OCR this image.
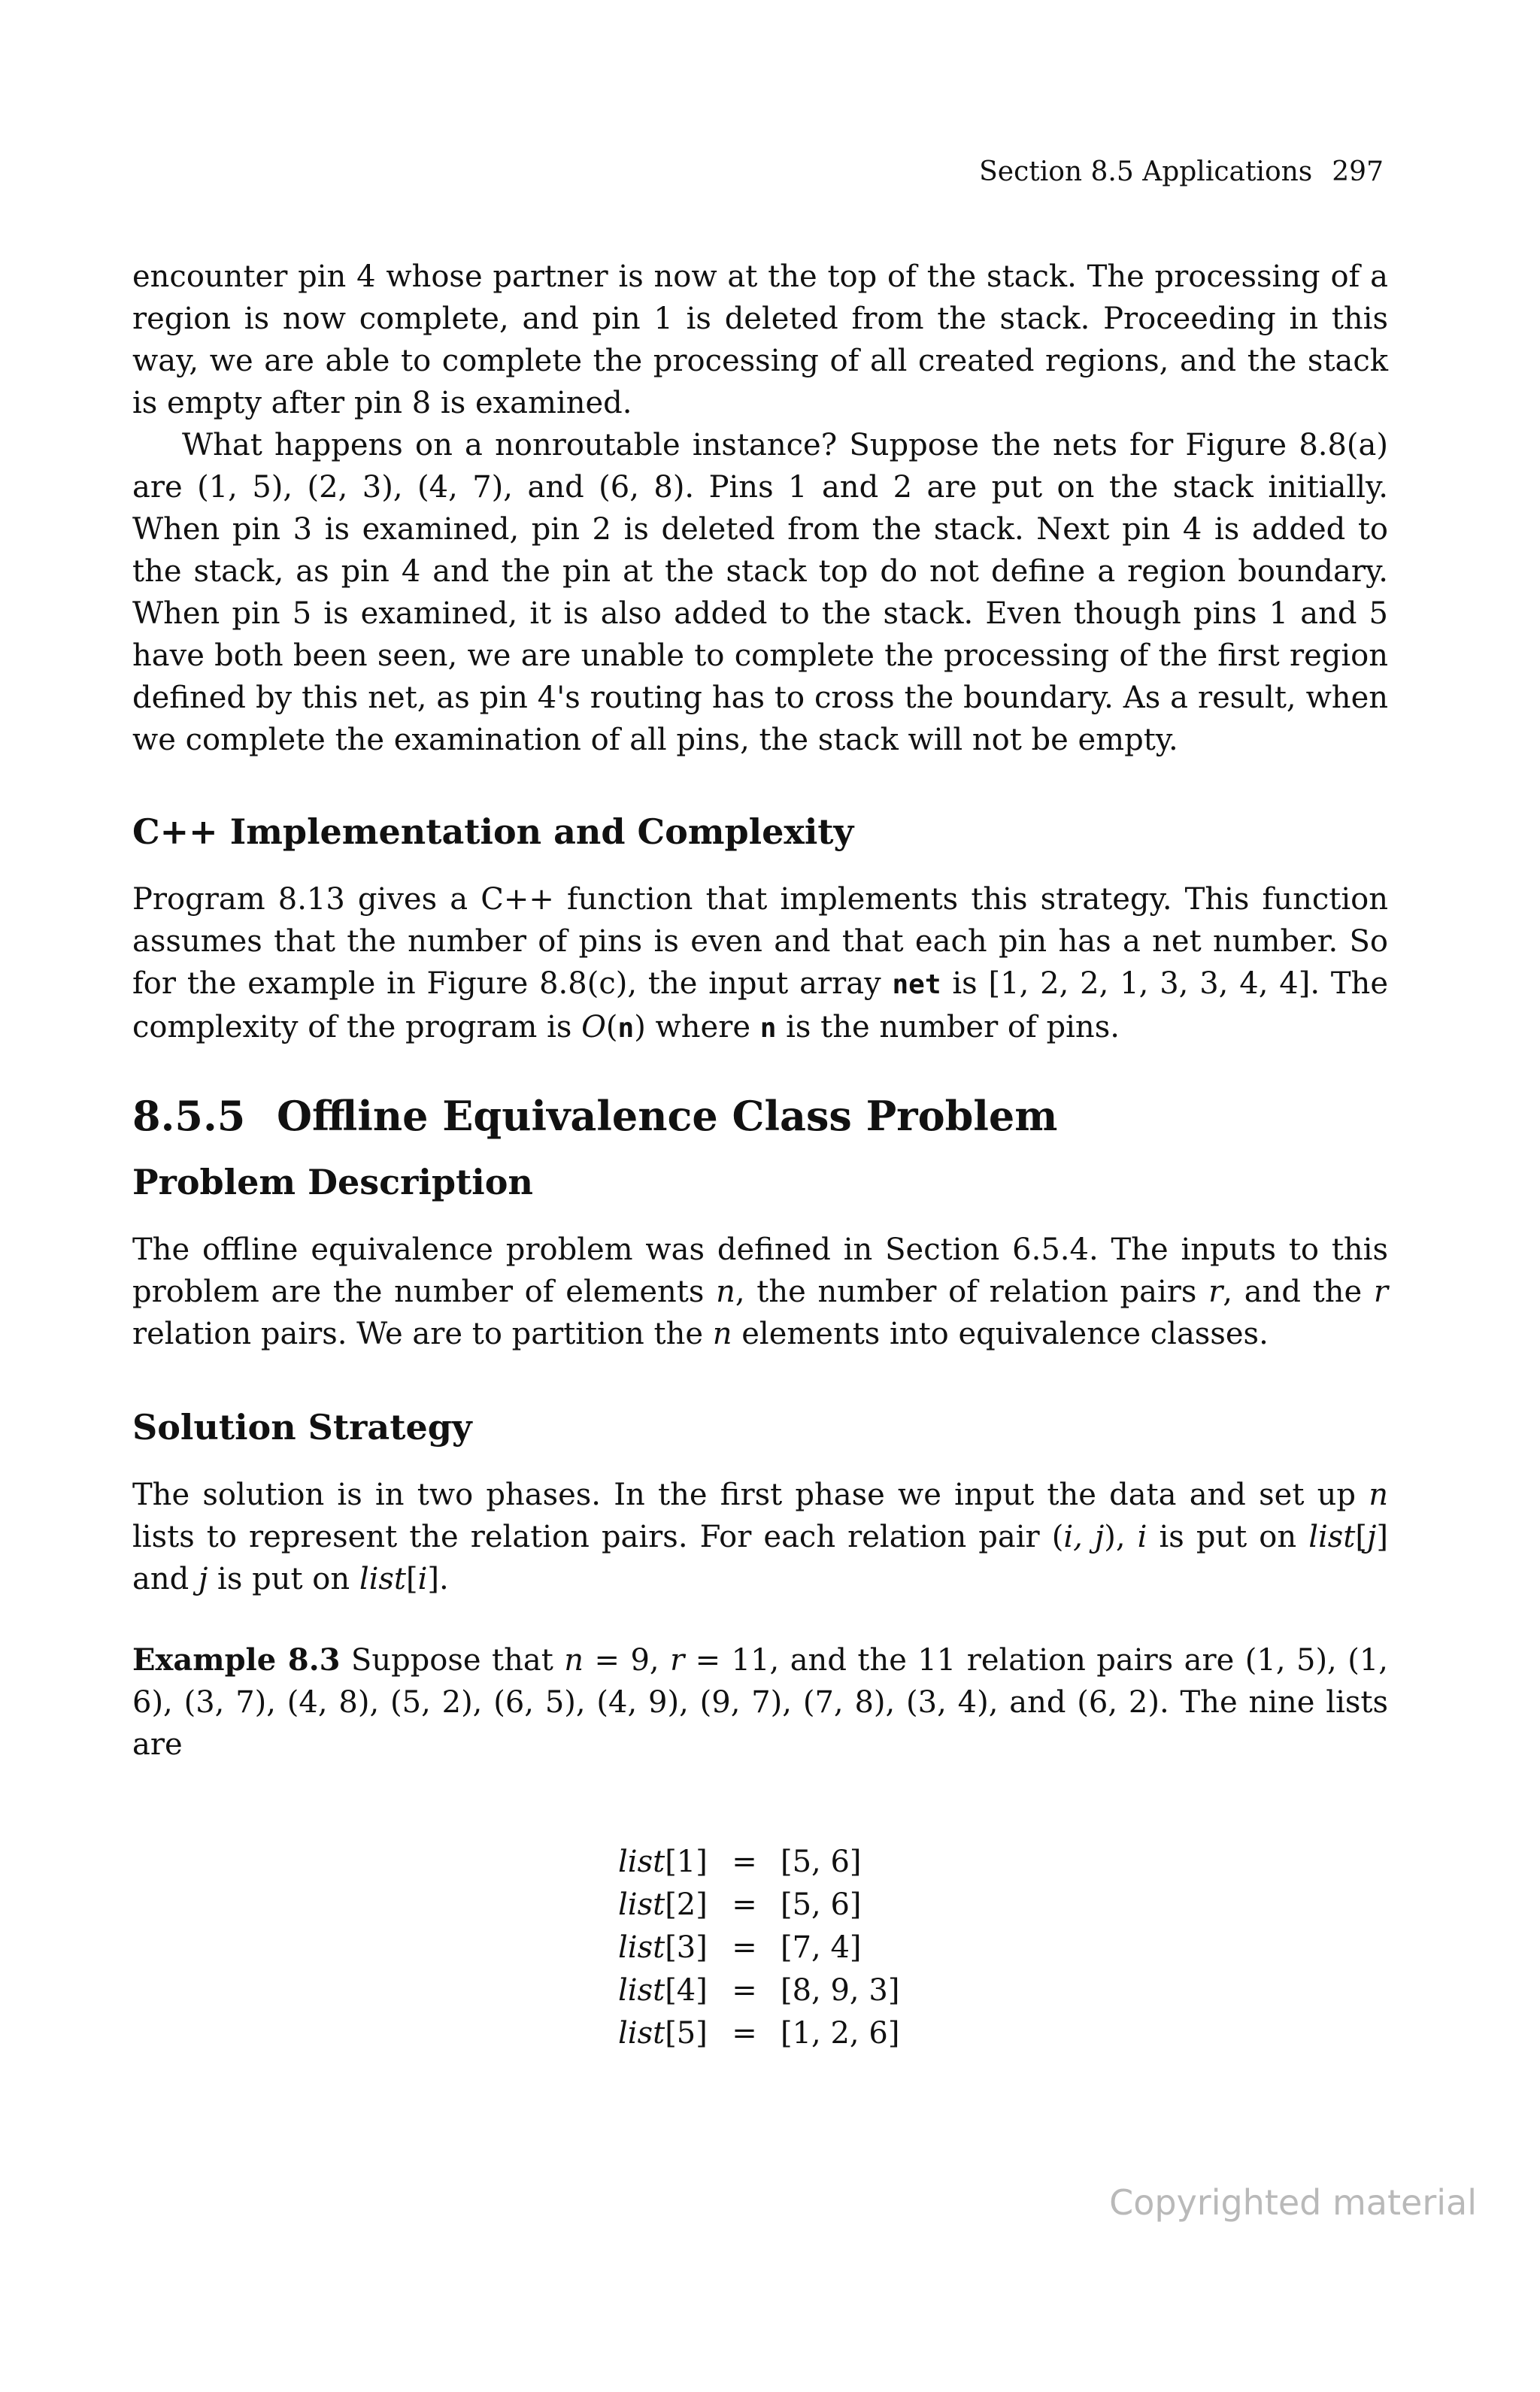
Section 8.5 Applications 297

encounter pin 4 whose partner is now at the top of the stack. The processing of a region is now complete, and pin 1 is deleted from the stack. Proceeding in this way, we are able to complete the processing of all created regions, and the stack is empty after pin 8 is examined.

What happens on a nonroutable instance? Suppose the nets for Figure 8.8(a) are (1, 5), (2, 3), (4, 7), and (6, 8). Pins 1 and 2 are put on the stack initially. When pin 3 is examined, pin 2 is deleted from the stack. Next pin 4 is added to the stack, as pin 4 and the pin at the stack top do not define a region boundary. When pin 5 is examined, it is also added to the stack. Even though pins 1 and 5 have both been seen, we are unable to complete the processing of the first region defined by this net, as pin 4's routing has to cross the boundary. As a result, when we complete the examination of all pins, the stack will not be empty.

C++ Implementation and Complexity

Program 8.13 gives a C++ function that implements this strategy. This function assumes that the number of pins is even and that each pin has a net number. So for the example in Figure 8.8(c), the input array net is [1, 2, 2, 1, 3, 3, 4, 4]. The complexity of the program is O(n) where n is the number of pins.

8.5.5 Offline Equivalence Class Problem
Problem Description

The offline equivalence problem was defined in Section 6.5.4. The inputs to this problem are the number of elements n, the number of relation pairs r, and the r relation pairs. We are to partition the n elements into equivalence classes.

Solution Strategy

The solution is in two phases. In the first phase we input the data and set up n lists to represent the relation pairs. For each relation pair (i, j), i is put on list[j] and j is put on list[i].

Example 8.3 Suppose that n = 9, r = 11, and the 11 relation pairs are (1, 5), (1, 6), (3, 7), (4, 8), (5, 2), (6, 5), (4, 9), (9, 7), (7, 8), (3, 4), and (6, 2). The nine lists are

list[1] = [5, 6]
list[2] = [5, 6]
list[3] = [7, 4]
list[4] = [8, 9, 3]
list[5] = [1, 2, 6]
Copyrighted material
